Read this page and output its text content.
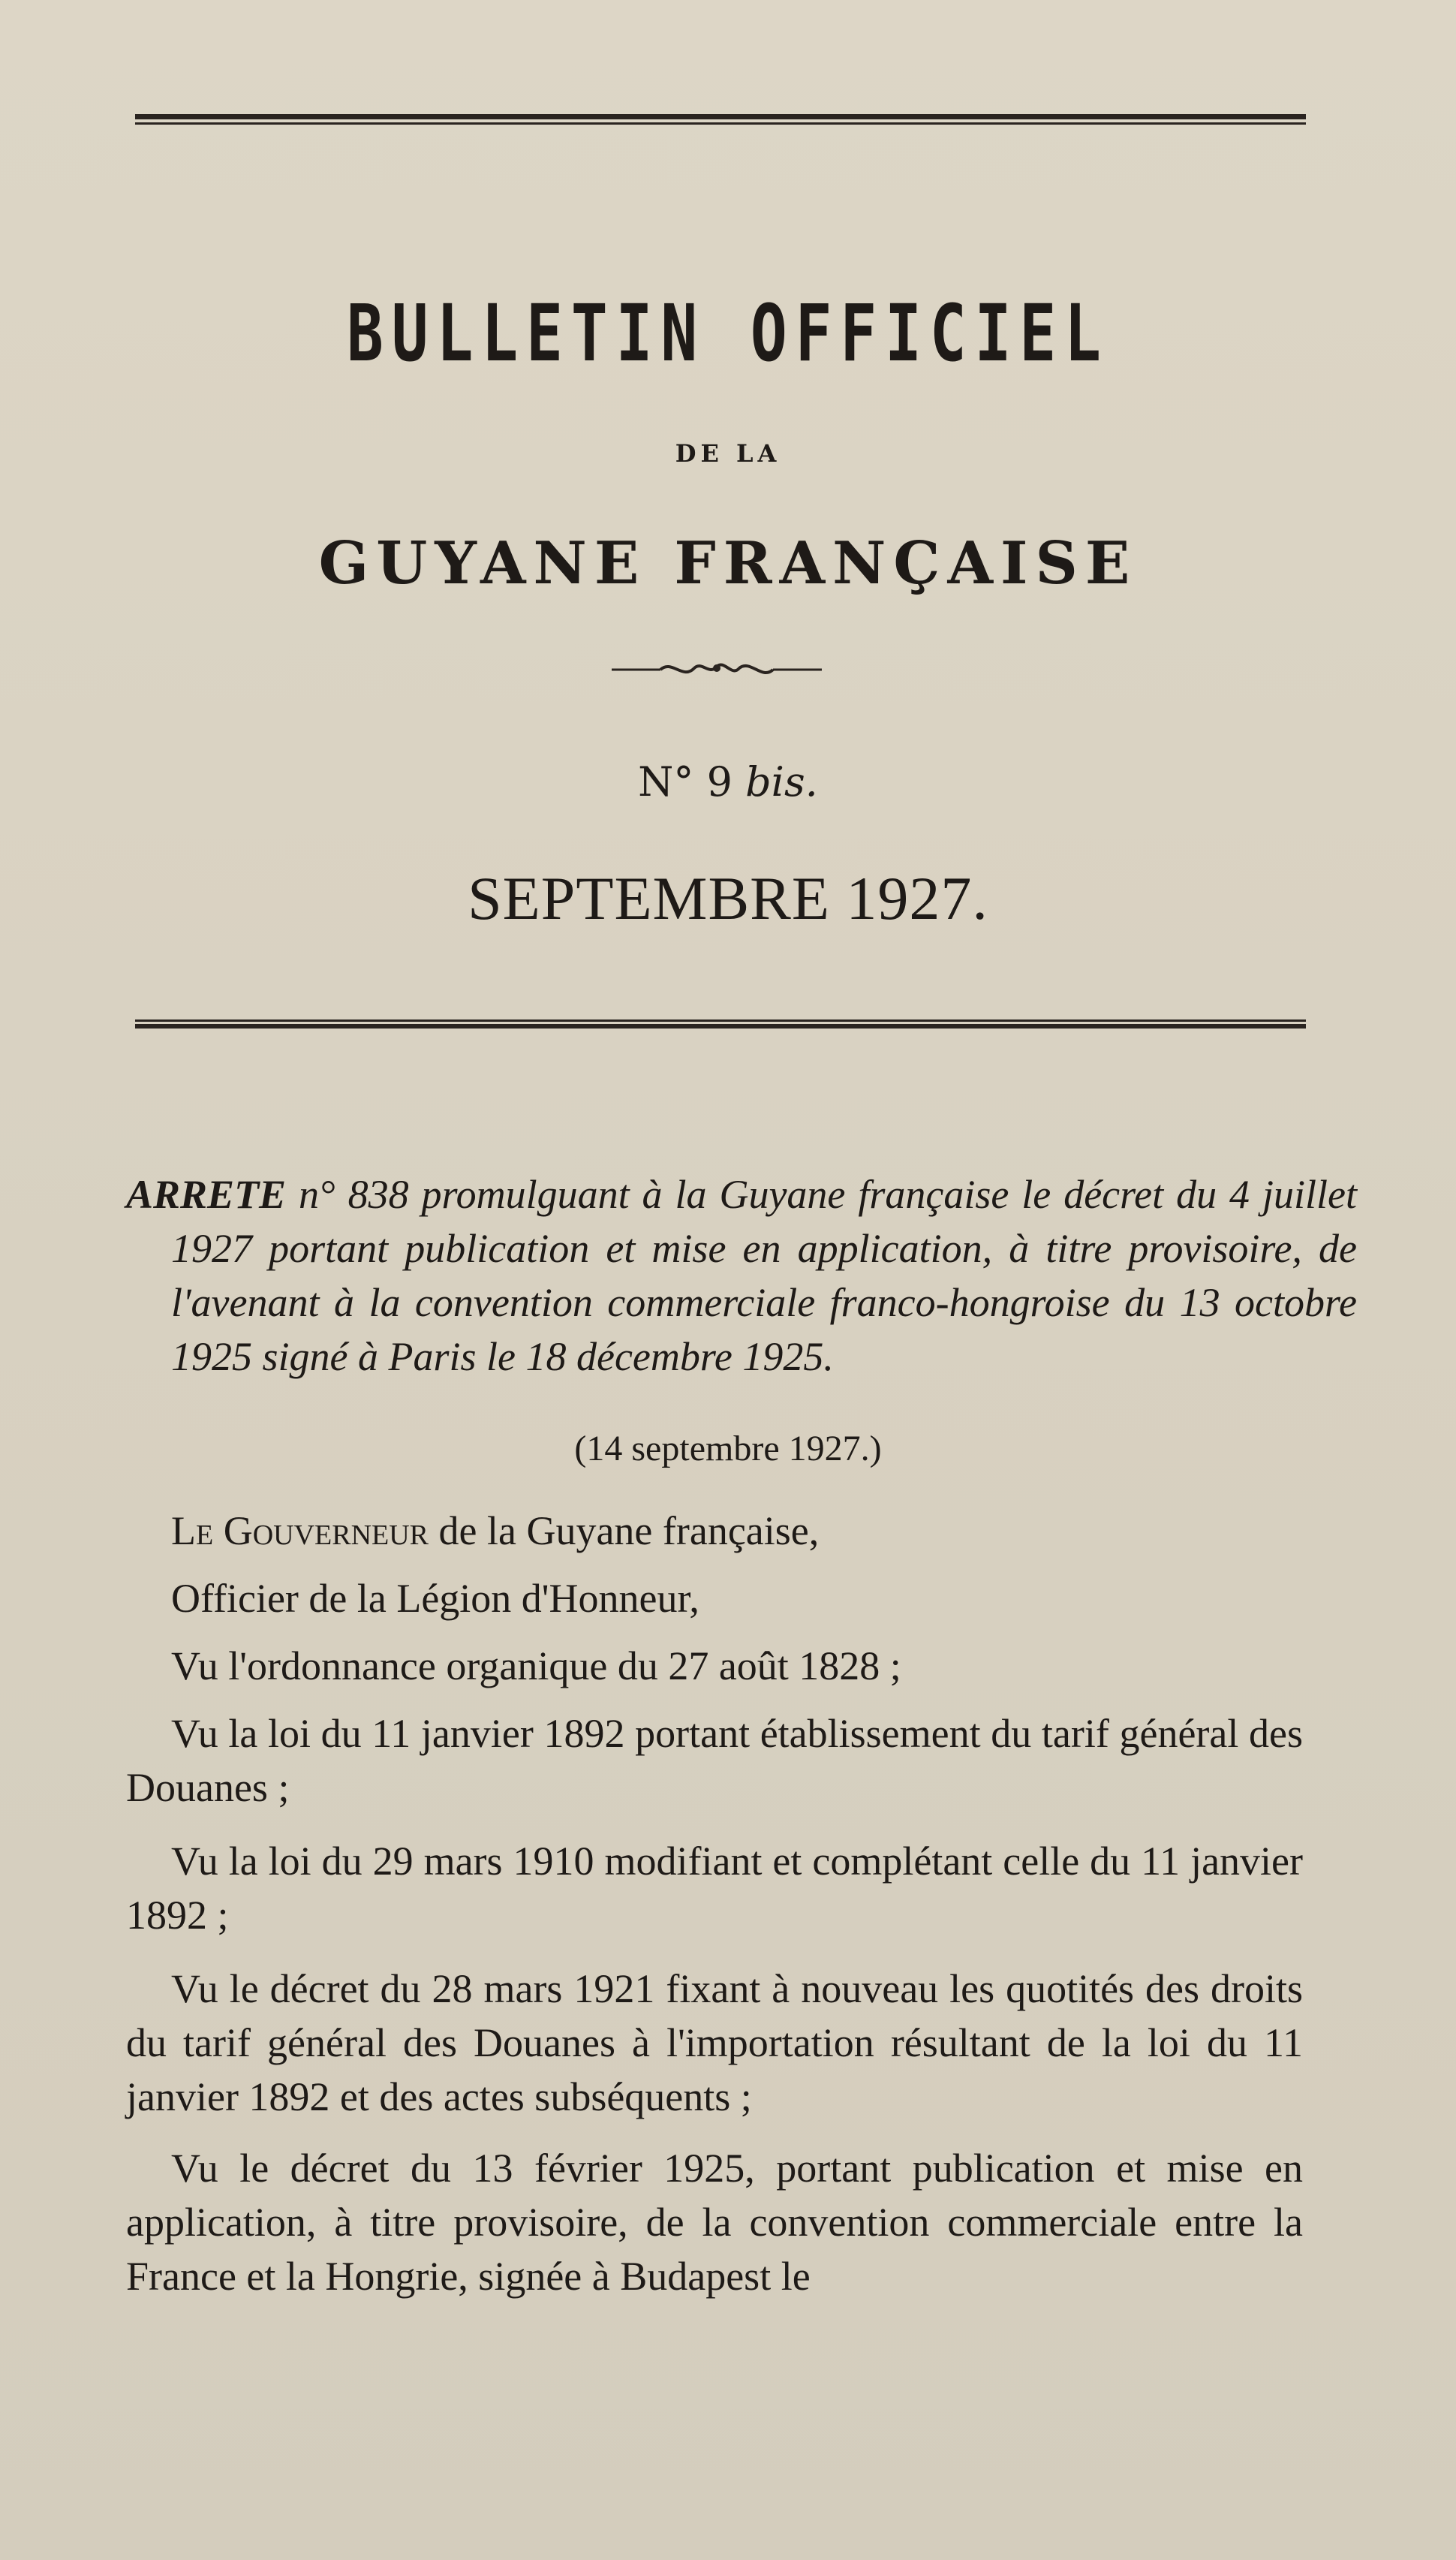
BULLETIN OFFICIEL
DE LA
GUYANE FRANÇAISE
N° 9 bis.
SEPTEMBRE 1927.
ARRETE n° 838 promulguant à la Guyane française le décret du 4 juillet 1927 portant publication et mise en application, à titre provisoire, de l'avenant à la convention commerciale franco-hongroise du 13 octobre 1925 signé à Paris le 18 décembre 1925.
(14 septembre 1927.)

Le Gouverneur de la Guyane française,

Officier de la Légion d'Honneur,

Vu l'ordonnance organique du 27 août 1828 ;

Vu la loi du 11 janvier 1892 portant établissement du tarif général des Douanes ;

Vu la loi du 29 mars 1910 modifiant et complétant celle du 11 janvier 1892 ;

Vu le décret du 28 mars 1921 fixant à nouveau les quotités des droits du tarif général des Douanes à l'importation résultant de la loi du 11 janvier 1892 et des actes subséquents ;

Vu le décret du 13 février 1925, portant publication et mise en application, à titre provisoire, de la convention commerciale entre la France et la Hongrie, signée à Budapest le
